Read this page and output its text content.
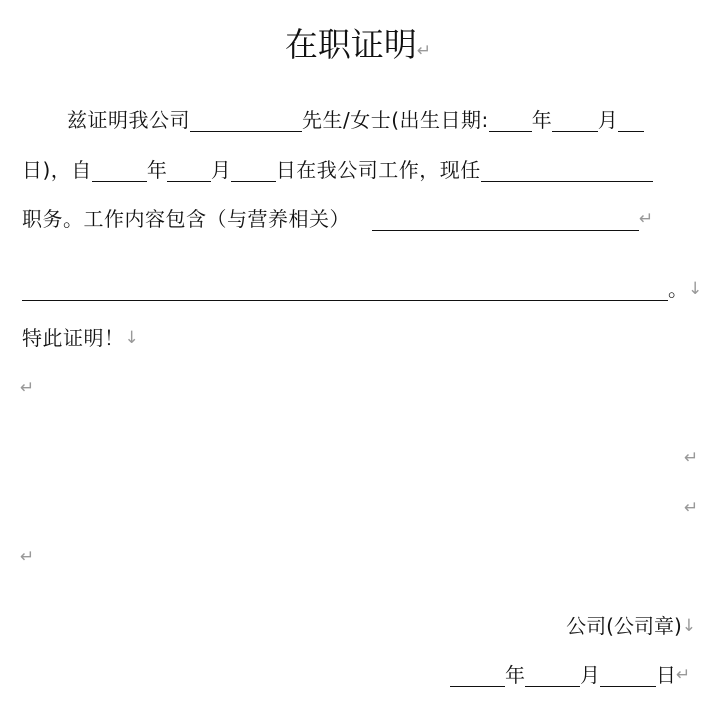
在职证明↵
兹证明我公司	先生/女士(出生日期: 年 月
日)，自	年 月 日在我公司工作，现任
职务。工作内容包含（与营养相关）	↵
。 ↓
特此证明！ ↓
↵
↵
↵
↵
公司(公司章) ↓
年	月	日 ↵
